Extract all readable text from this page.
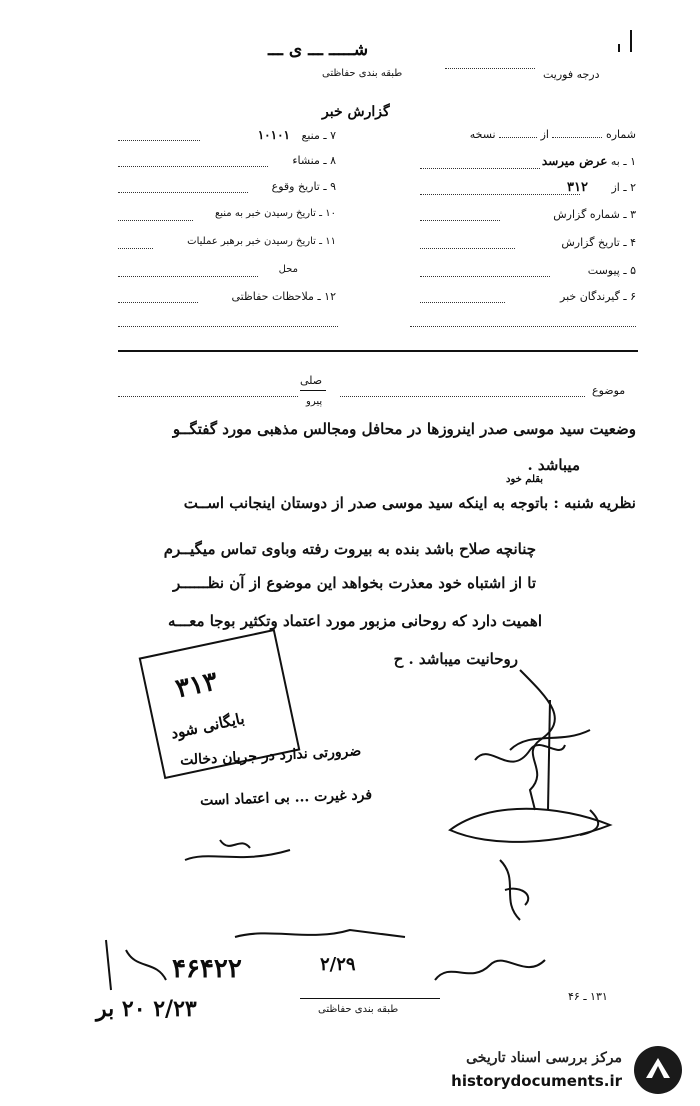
درجه فوریت
طبقه بندی حفاظتی
شـــــ ـــ ی ـــ
گزارش خبر
شماره  از  نسخه
۱ ـ به عرض میرسد
۲ ـ از ۳۱۲
۳ ـ شماره گزارش
۴ ـ تاریخ گزارش
۵ ـ پیوست
۶ ـ گیرندگان خبر
۷ ـ منبع ۱۰۱۰۱
۸ ـ منشاء
۹ ـ تاریخ وقوع
۱۰ ـ تاریخ رسیدن خبر به منبع
۱۱ ـ تاریخ رسیدن خبر برهبر عملیات
محل
۱۲ ـ ملاحظات حفاظتی
موضوع
صلی
پیرو
وضعیت سید موسی صدر اینروزها در محافل ومجالس مذهبی مورد گفتگــو
میباشد .
بقلم خود
نظریه شنبه : باتوجه به اینکه سید موسی صدر از دوستان اینجانب اســت
چنانچه صلاح باشد بنده به بیروت رفته وباوی تماس میگیــرم
تا از اشتباه خود معذرت بخواهد این موضوع از آن نظــــــر
اهمیت دارد که روحانی مزبور مورد اعتماد وتکثیر بوجا معـــه
روحانیت میباشد . ح
۳۱۳
بایگانی شود
ضرورتی ندارد در جریان دخالت
فرد غیرت ... بی اعتماد است
۴۶۴۲۲
۲/۲۳ ۲۰ بر
۲/۲۹
طبقه بندی حفاظتی
۱۳۱ ـ ۴۶
مرکز بررسی اسناد تاریخی
historydocuments.ir
